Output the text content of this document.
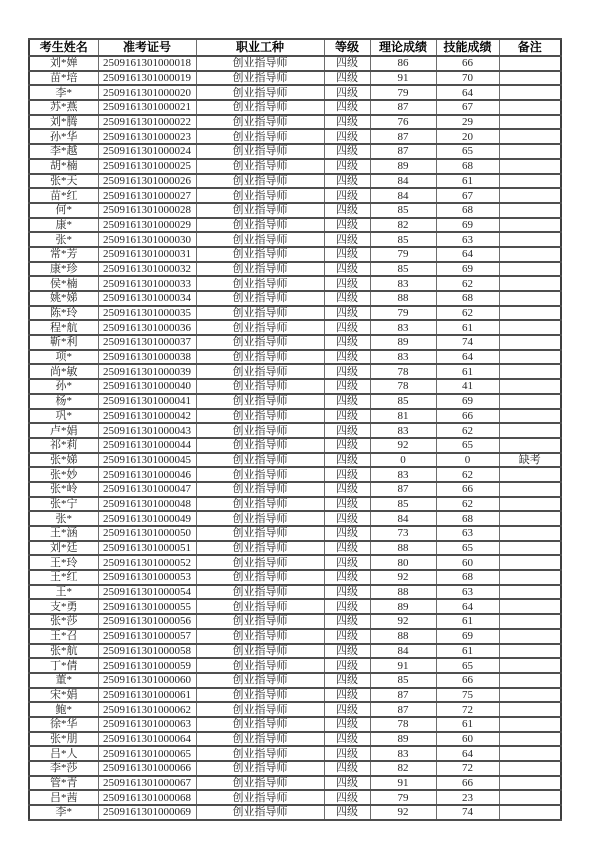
考生姓名	准考证号	职业工种	等级	理论成绩	技能成绩	备注
刘*婵	2509161301000018	创业指导师	四级	86	66	
苗*培	2509161301000019	创业指导师	四级	91	70	
李*	2509161301000020	创业指导师	四级	79	64	
苏*燕	2509161301000021	创业指导师	四级	87	67	
刘*腾	2509161301000022	创业指导师	四级	76	29	
孙*华	2509161301000023	创业指导师	四级	87	20	
李*越	2509161301000024	创业指导师	四级	87	65	
胡*楠	2509161301000025	创业指导师	四级	89	68	
张*天	2509161301000026	创业指导师	四级	84	61	
苗*红	2509161301000027	创业指导师	四级	84	67	
何*	2509161301000028	创业指导师	四级	85	68	
康*	2509161301000029	创业指导师	四级	82	69	
张*	2509161301000030	创业指导师	四级	85	63	
常*芳	2509161301000031	创业指导师	四级	79	64	
康*珍	2509161301000032	创业指导师	四级	85	69	
侯*楠	2509161301000033	创业指导师	四级	83	62	
姚*娣	2509161301000034	创业指导师	四级	88	68	
陈*玲	2509161301000035	创业指导师	四级	79	62	
程*航	2509161301000036	创业指导师	四级	83	61	
靳*利	2509161301000037	创业指导师	四级	89	74	
项*	2509161301000038	创业指导师	四级	83	64	
尚*敏	2509161301000039	创业指导师	四级	78	61	
孙*	2509161301000040	创业指导师	四级	78	41	
杨*	2509161301000041	创业指导师	四级	85	69	
巩*	2509161301000042	创业指导师	四级	81	66	
卢*娟	2509161301000043	创业指导师	四级	83	62	
祁*莉	2509161301000044	创业指导师	四级	92	65	
张*娣	2509161301000045	创业指导师	四级	0	0	缺考
张*妙	2509161301000046	创业指导师	四级	83	62	
张*岭	2509161301000047	创业指导师	四级	87	66	
张*宁	2509161301000048	创业指导师	四级	85	62	
张*	2509161301000049	创业指导师	四级	84	68	
王*涵	2509161301000050	创业指导师	四级	73	63	
刘*廷	2509161301000051	创业指导师	四级	88	65	
王*玲	2509161301000052	创业指导师	四级	80	60	
王*红	2509161301000053	创业指导师	四级	92	68	
王*	2509161301000054	创业指导师	四级	88	63	
支*勇	2509161301000055	创业指导师	四级	89	64	
张*莎	2509161301000056	创业指导师	四级	92	61	
王*召	2509161301000057	创业指导师	四级	88	69	
张*航	2509161301000058	创业指导师	四级	84	61	
丁*倩	2509161301000059	创业指导师	四级	91	65	
董*	2509161301000060	创业指导师	四级	85	66	
宋*娟	2509161301000061	创业指导师	四级	87	75	
鲍*	2509161301000062	创业指导师	四级	87	72	
徐*华	2509161301000063	创业指导师	四级	78	61	
张*朋	2509161301000064	创业指导师	四级	89	60	
吕*人	2509161301000065	创业指导师	四级	83	64	
李*莎	2509161301000066	创业指导师	四级	82	72	
管*青	2509161301000067	创业指导师	四级	91	66	
吕*茜	2509161301000068	创业指导师	四级	79	23	
李*	2509161301000069	创业指导师	四级	92	74	
